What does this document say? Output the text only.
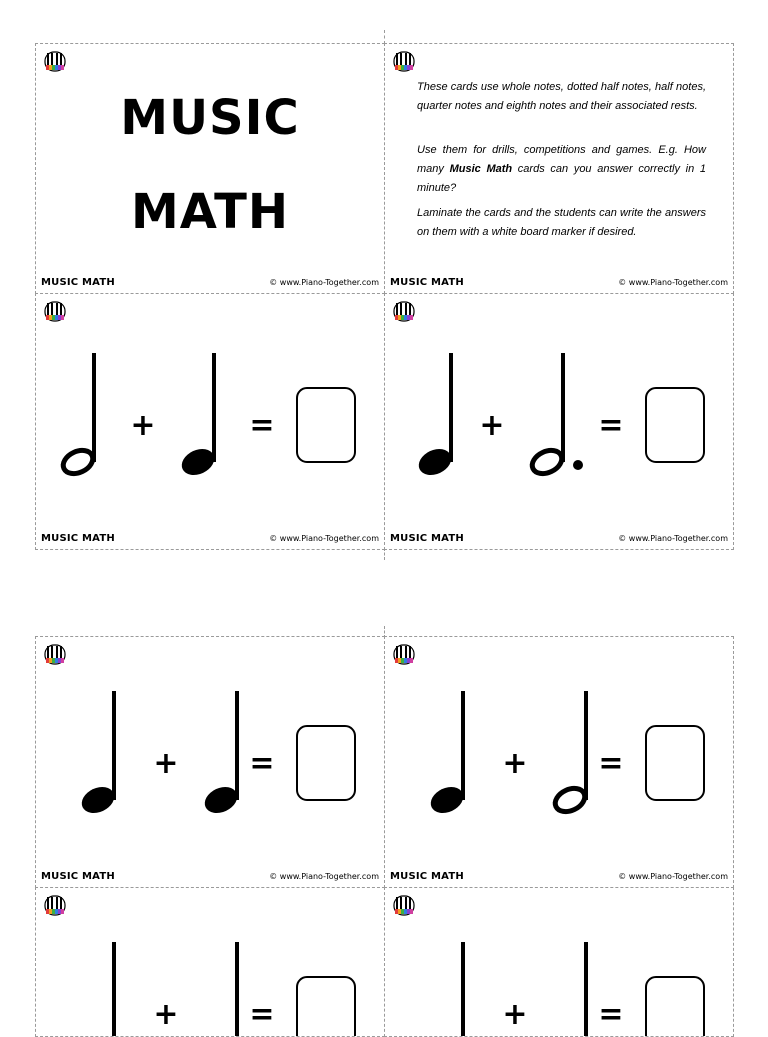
MUSIC
MATH
MUSIC MATH	© www.Piano-Together.com

These cards use whole notes, dotted half notes, half notes, quarter notes and eighth notes and their associated rests.

Use them for drills, competitions and games. E.g. How many Music Math cards can you answer correctly in 1 minute?

Laminate the cards and the students can write the answers on them with a white board marker if desired.

MUSIC MATH	© www.Piano-Together.com
+	=
MUSIC MATH	© www.Piano-Together.com
+	=
MUSIC MATH	© www.Piano-Together.com
+ =
MUSIC MATH	© www.Piano-Together.com
+ =
MUSIC MATH	© www.Piano-Together.com
+ =	+ =
